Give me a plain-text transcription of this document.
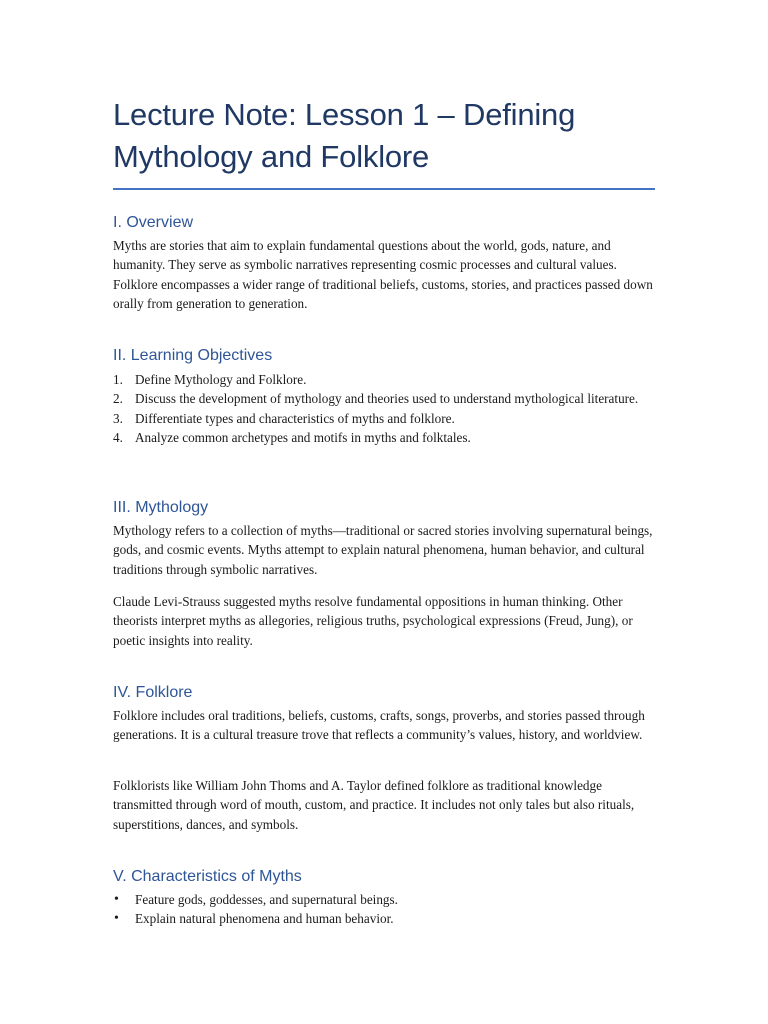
Lecture Note: Lesson 1 – Defining Mythology and Folklore
I. Overview

Myths are stories that aim to explain fundamental questions about the world, gods, nature, and humanity. They serve as symbolic narratives representing cosmic processes and cultural values. Folklore encompasses a wider range of traditional beliefs, customs, stories, and practices passed down orally from generation to generation.

II. Learning Objectives
1. Define Mythology and Folklore.
2. Discuss the development of mythology and theories used to understand mythological literature.
3. Differentiate types and characteristics of myths and folklore.
4. Analyze common archetypes and motifs in myths and folktales.
III. Mythology

Mythology refers to a collection of myths—traditional or sacred stories involving supernatural beings, gods, and cosmic events. Myths attempt to explain natural phenomena, human behavior, and cultural traditions through symbolic narratives.

Claude Levi-Strauss suggested myths resolve fundamental oppositions in human thinking. Other theorists interpret myths as allegories, religious truths, psychological expressions (Freud, Jung), or poetic insights into reality.

IV. Folklore

Folklore includes oral traditions, beliefs, customs, crafts, songs, proverbs, and stories passed through generations. It is a cultural treasure trove that reflects a community’s values, history, and worldview.

Folklorists like William John Thoms and A. Taylor defined folklore as traditional knowledge transmitted through word of mouth, custom, and practice. It includes not only tales but also rituals, superstitions, dances, and symbols.

V. Characteristics of Myths
• Feature gods, goddesses, and supernatural beings.
• Explain natural phenomena and human behavior.
